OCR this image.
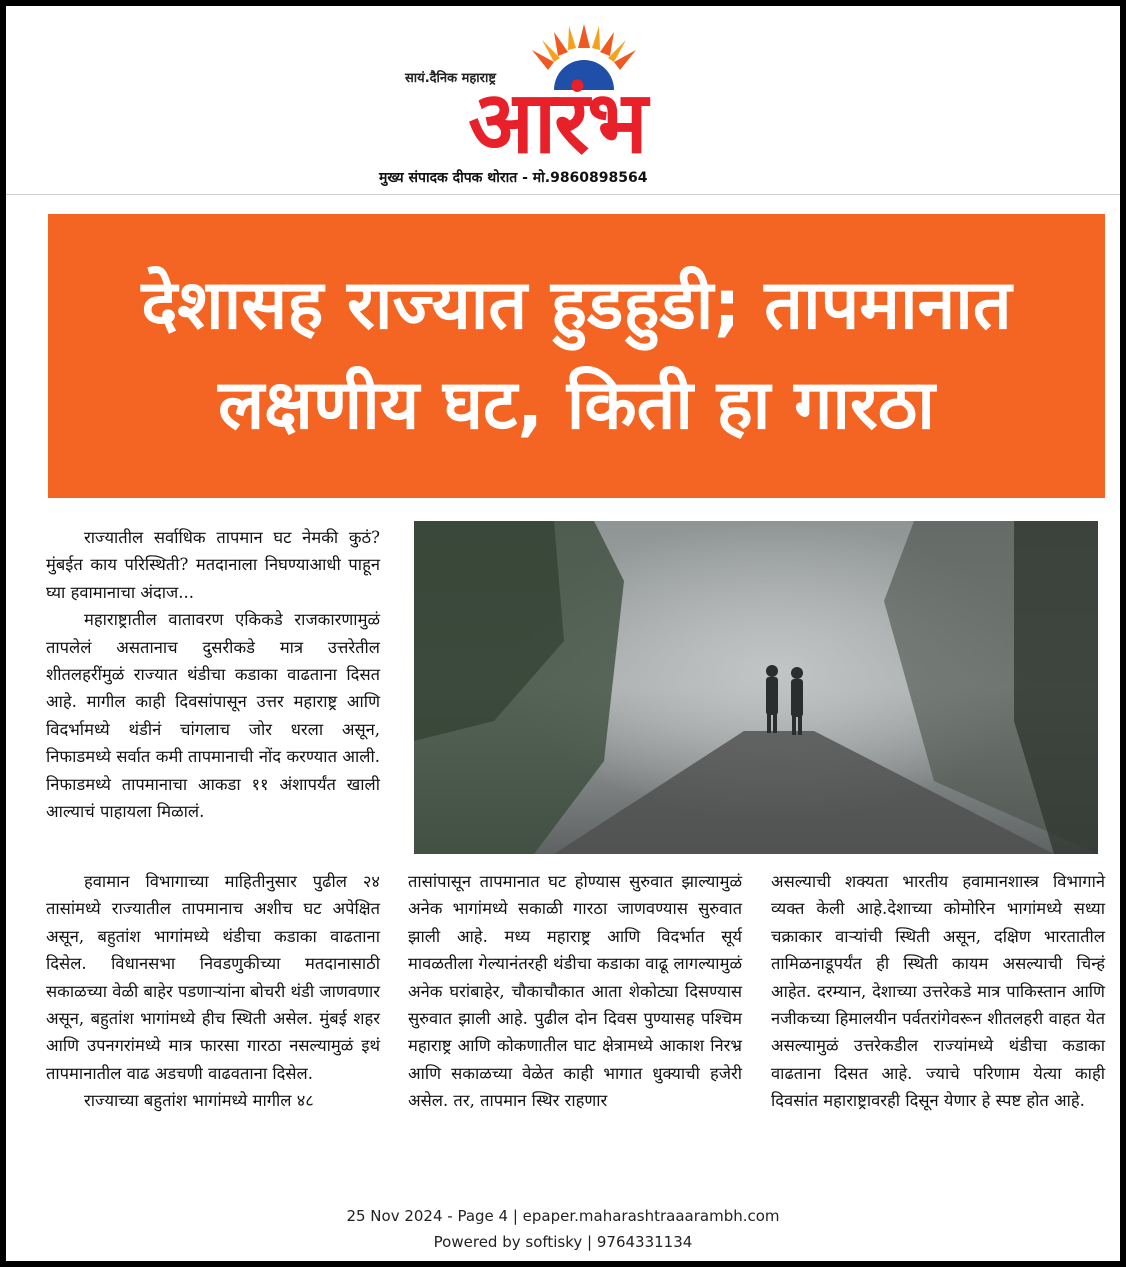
सायं.दैनिक महाराष्ट्र
आरंभ
मुख्य संपादक दीपक थोरात - मो.9860898564
देशासह राज्यात हुडहुडी; तापमानात लक्षणीय घट, किती हा गारठा

राज्यातील सर्वाधिक तापमान घट नेमकी कुठं? मुंबईत काय परिस्थिती? मतदानाला निघण्याआधी पाहून घ्या हवामानाचा अंदाज...

महाराष्ट्रातील वातावरण एकिकडे राजकारणामुळं तापलेलं असतानाच दुसरीकडे मात्र उत्तरेतील शीतलहरींमुळं राज्यात थंडीचा कडाका वाढताना दिसत आहे. मागील काही दिवसांपासून उत्तर महाराष्ट्र आणि विदर्भामध्ये थंडीनं चांगलाच जोर धरला असून, निफाडमध्ये सर्वात कमी तापमानाची नोंद करण्यात आली. निफाडमध्ये तापमानाचा आकडा ११ अंशापर्यंत खाली आल्याचं पाहायला मिळालं.

हवामान विभागाच्या माहितीनुसार पुढील २४ तासांमध्ये राज्यातील तापमानाच अशीच घट अपेक्षित असून, बहुतांश भागांमध्ये थंडीचा कडाका वाढताना दिसेल. विधानसभा निवडणुकीच्या मतदानासाठी सकाळच्या वेळी बाहेर पडणाऱ्यांना बोचरी थंडी जाणवणार असून, बहुतांश भागांमध्ये हीच स्थिती असेल. मुंबई शहर आणि उपनगरांमध्ये मात्र फारसा गारठा नसल्यामुळं इथं तापमानातील वाढ अडचणी वाढवताना दिसेल.

राज्याच्या बहुतांश भागांमध्ये मागील ४८

तासांपासून तापमानात घट होण्यास सुरुवात झाल्यामुळं अनेक भागांमध्ये सकाळी गारठा जाणवण्यास सुरुवात झाली आहे. मध्य महाराष्ट्र आणि विदर्भात सूर्य मावळतीला गेल्यानंतरही थंडीचा कडाका वाढू लागल्यामुळं अनेक घरांबाहेर, चौकाचौकात आता शेकोट्या दिसण्यास सुरुवात झाली आहे. पुढील दोन दिवस पुण्यासह पश्चिम महाराष्ट्र आणि कोकणातील घाट क्षेत्रामध्ये आकाश निरभ्र आणि सकाळच्या वेळेत काही भागात धुक्याची हजेरी असेल. तर, तापमान स्थिर राहणार

असल्याची शक्यता भारतीय हवामानशास्त्र विभागाने व्यक्त केली आहे.देशाच्या कोमोरिन भागांमध्ये सध्या चक्राकार वाऱ्यांची स्थिती असून, दक्षिण भारतातील तामिळनाडूपर्यंत ही स्थिती कायम असल्याची चिन्हं आहेत. दरम्यान, देशाच्या उत्तरेकडे मात्र पाकिस्तान आणि नजीकच्या हिमालयीन पर्वतरांगेवरून शीतलहरी वाहत येत असल्यामुळं उत्तरेकडील राज्यांमध्ये थंडीचा कडाका वाढताना दिसत आहे. ज्याचे परिणाम येत्या काही दिवसांत महाराष्ट्रावरही दिसून येणार हे स्पष्ट होत आहे.

25 Nov 2024 - Page 4 | epaper.maharashtraaarambh.com
Powered by softisky | 9764331134
